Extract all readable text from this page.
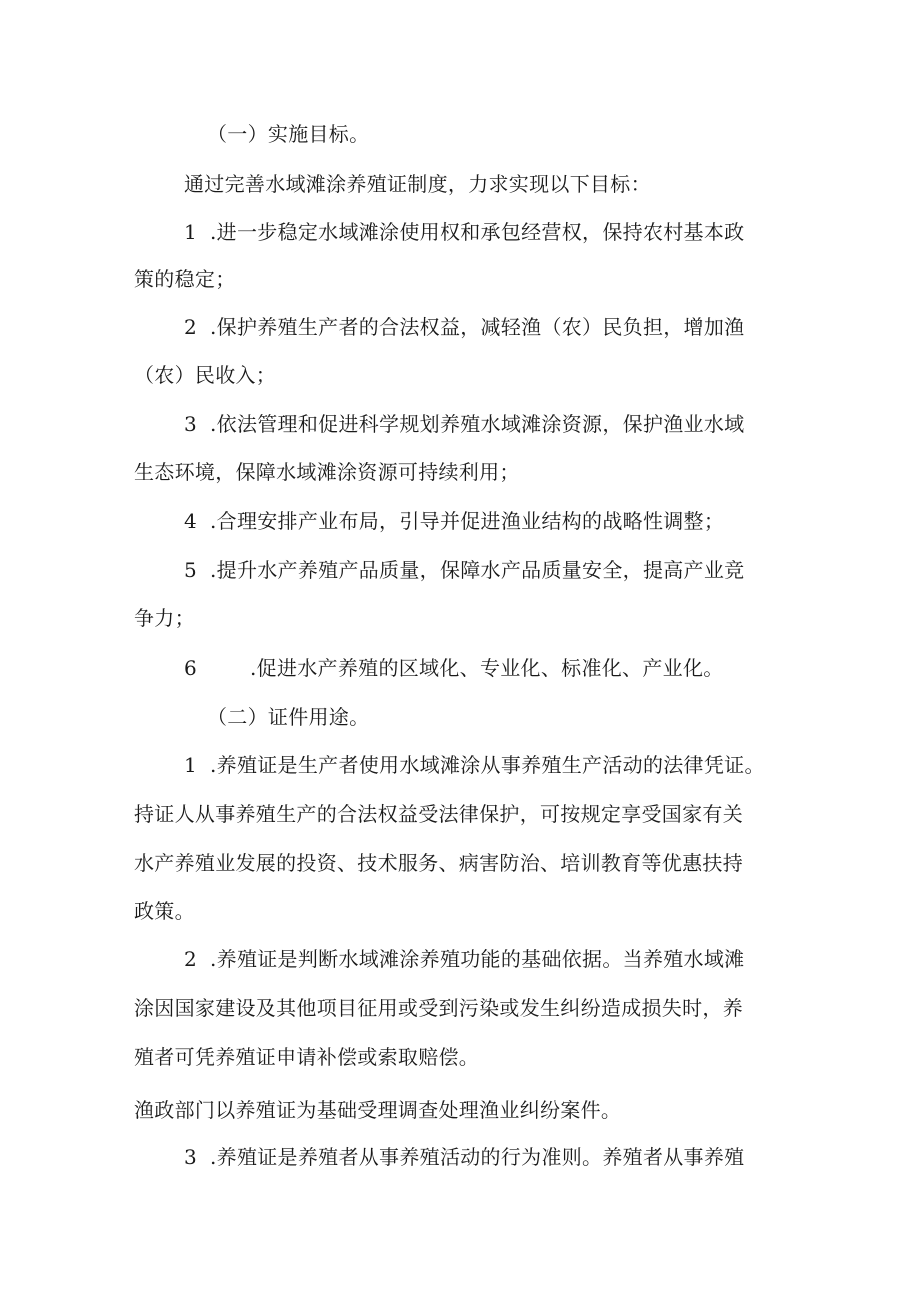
（一）实施目标。
通过完善水域滩涂养殖证制度，力求实现以下目标：
1 .进一步稳定水域滩涂使用权和承包经营权，保持农村基本政
策的稳定；
2 .保护养殖生产者的合法权益，减轻渔（农）民负担，增加渔
（农）民收入；
3 .依法管理和促进科学规划养殖水域滩涂资源，保护渔业水域
生态环境，保障水域滩涂资源可持续利用；
4 .合理安排产业布局，引导并促进渔业结构的战略性调整；
5 .提升水产养殖产品质量，保障水产品质量安全，提高产业竞
争力；
6	.促进水产养殖的区域化、专业化、标准化、产业化。
（二）证件用途。
1 .养殖证是生产者使用水域滩涂从事养殖生产活动的法律凭证。
持证人从事养殖生产的合法权益受法律保护，可按规定享受国家有关
水产养殖业发展的投资、技术服务、病害防治、培训教育等优惠扶持
政策。
2 .养殖证是判断水域滩涂养殖功能的基础依据。当养殖水域滩
涂因国家建设及其他项目征用或受到污染或发生纠纷造成损失时，养
殖者可凭养殖证申请补偿或索取赔偿。
渔政部门以养殖证为基础受理调查处理渔业纠纷案件。
3 .养殖证是养殖者从事养殖活动的行为准则。养殖者从事养殖
